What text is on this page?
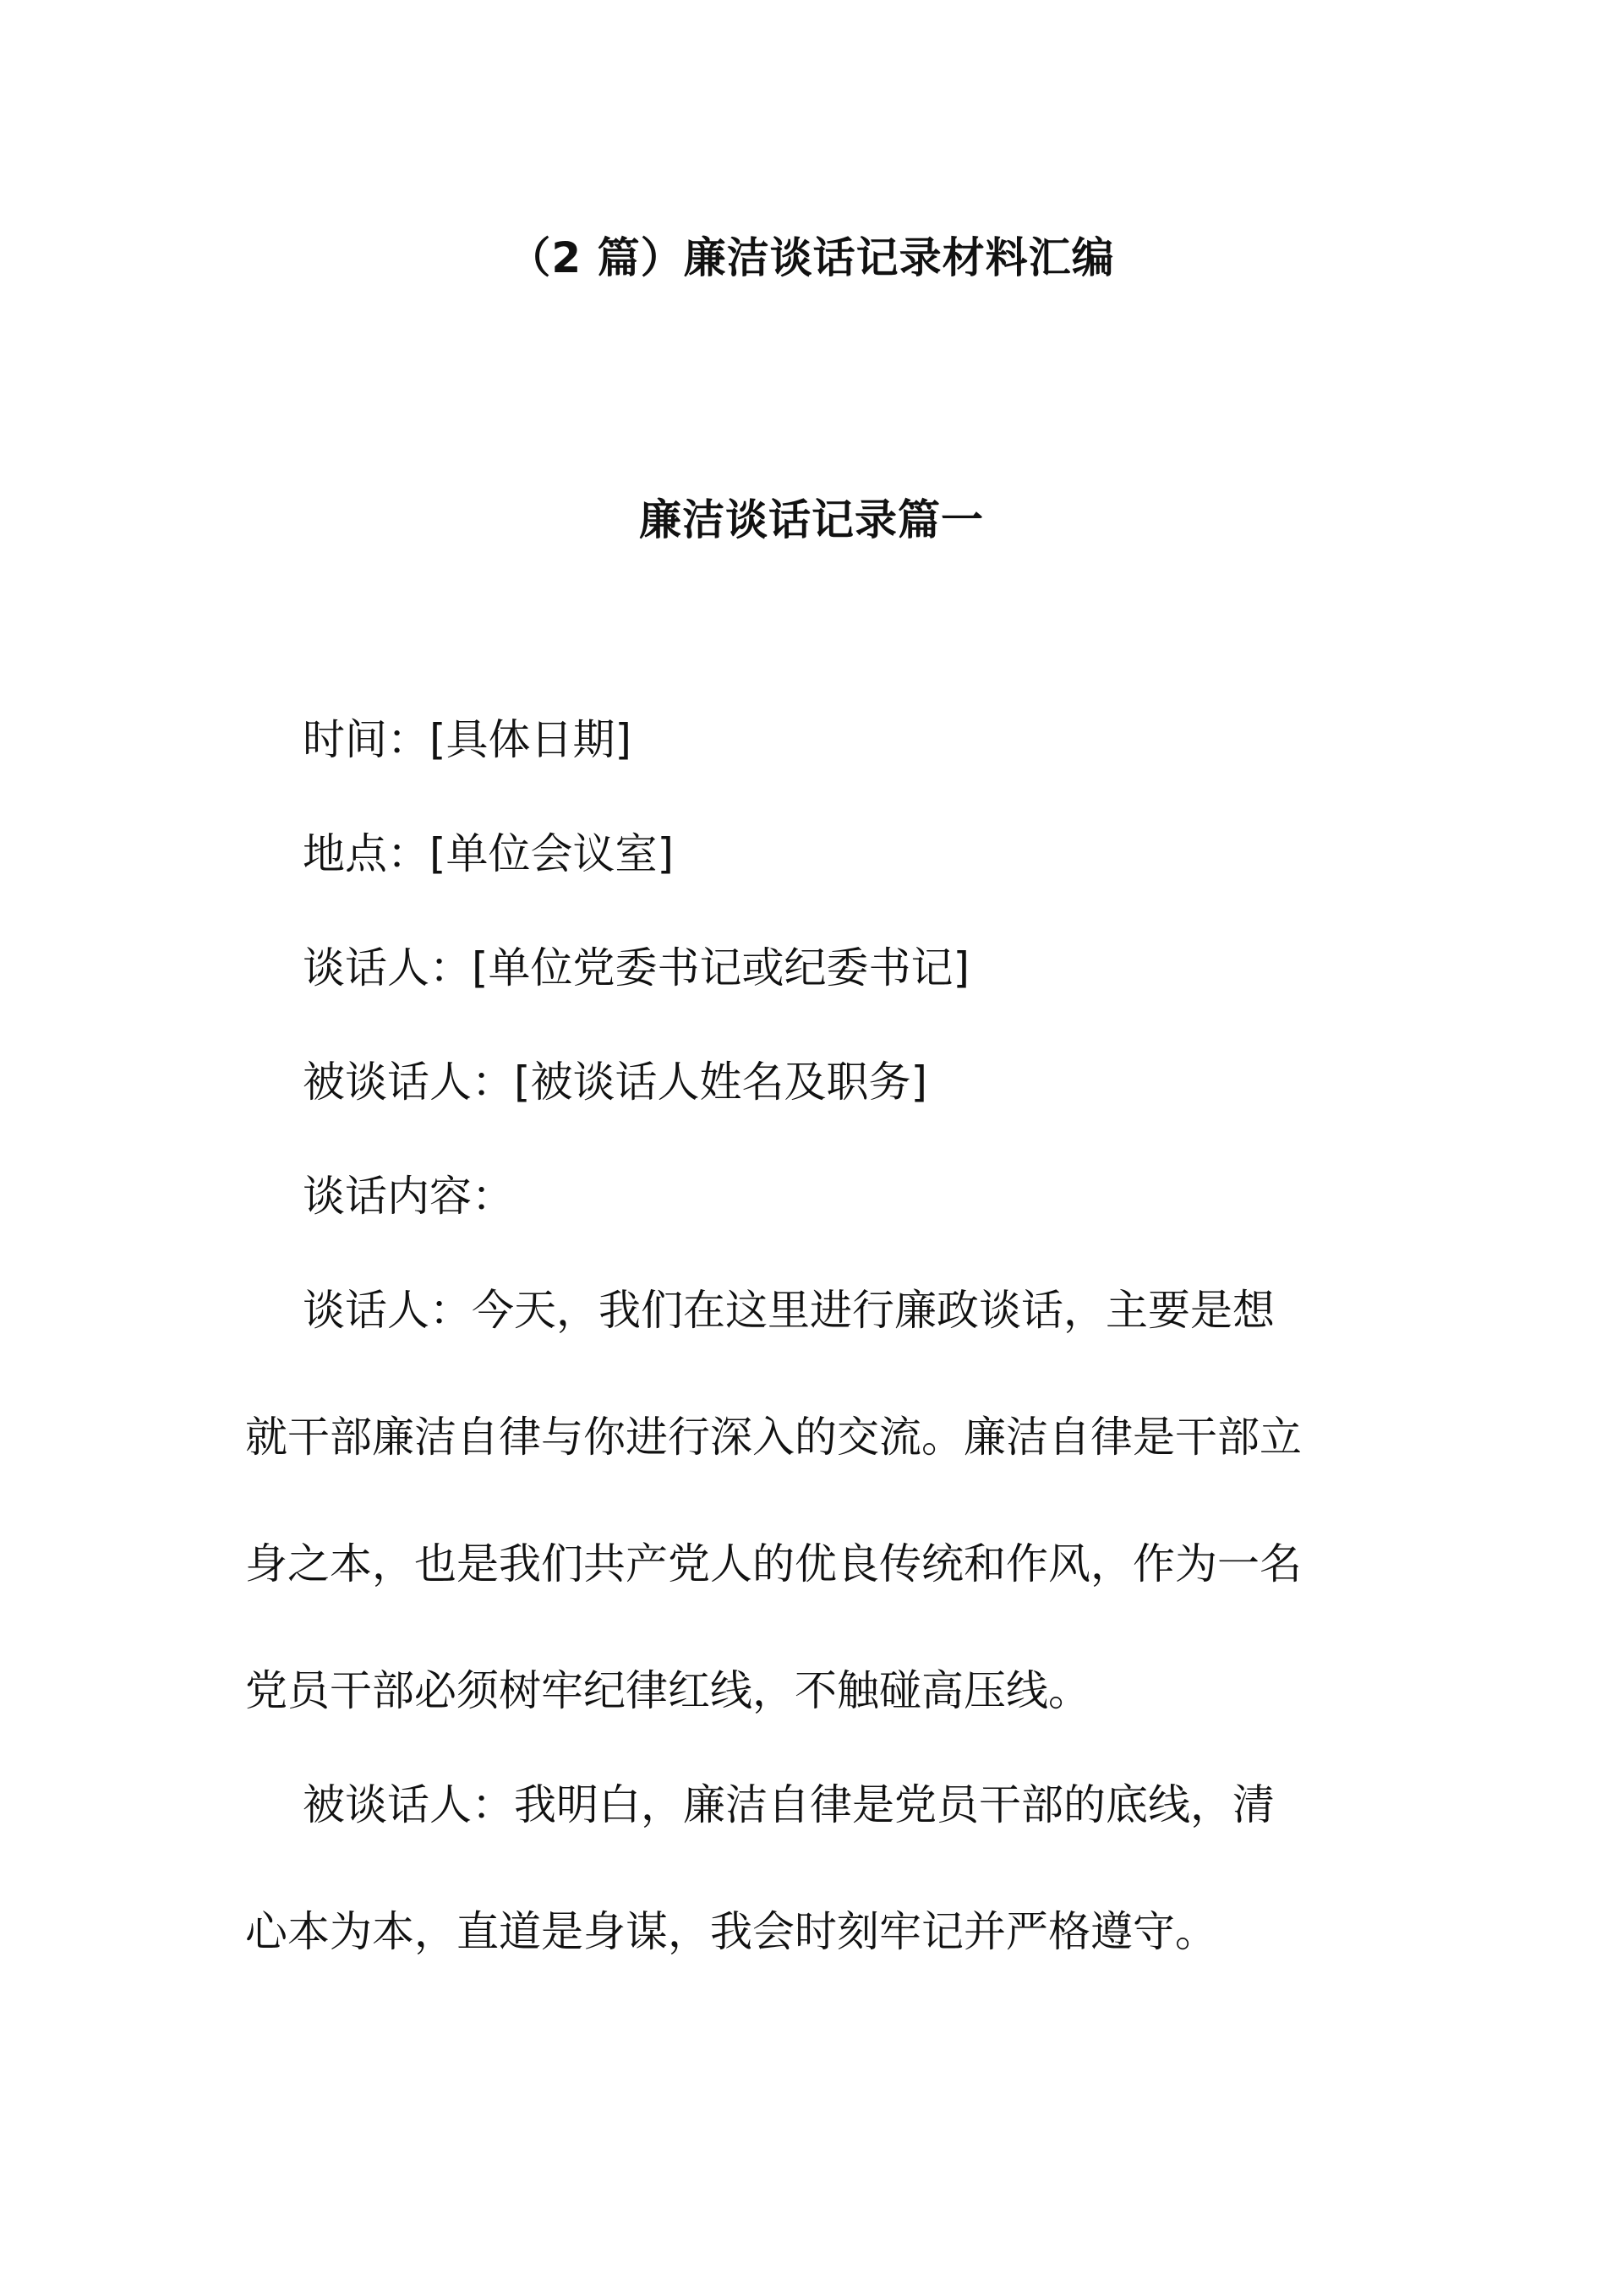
（2 篇）廉洁谈话记录材料汇编
廉洁谈话记录篇一
时间：[具体日期]
地点：[单位会议室]
谈话人：[单位党委书记或纪委书记]
被谈话人：[被谈话人姓名及职务]
谈话内容：
谈话人：今天，我们在这里进行廉政谈话，主要是想
就干部廉洁自律与你进行深入的交流。廉洁自律是干部立
身之本，也是我们共产党人的优良传统和作风，作为一名
党员干部必须树牢纪律红线，不触碰高压线。
被谈话人：我明白，廉洁自律是党员干部的底线，清
心本为本，直道是身谋，我会时刻牢记并严格遵守。
